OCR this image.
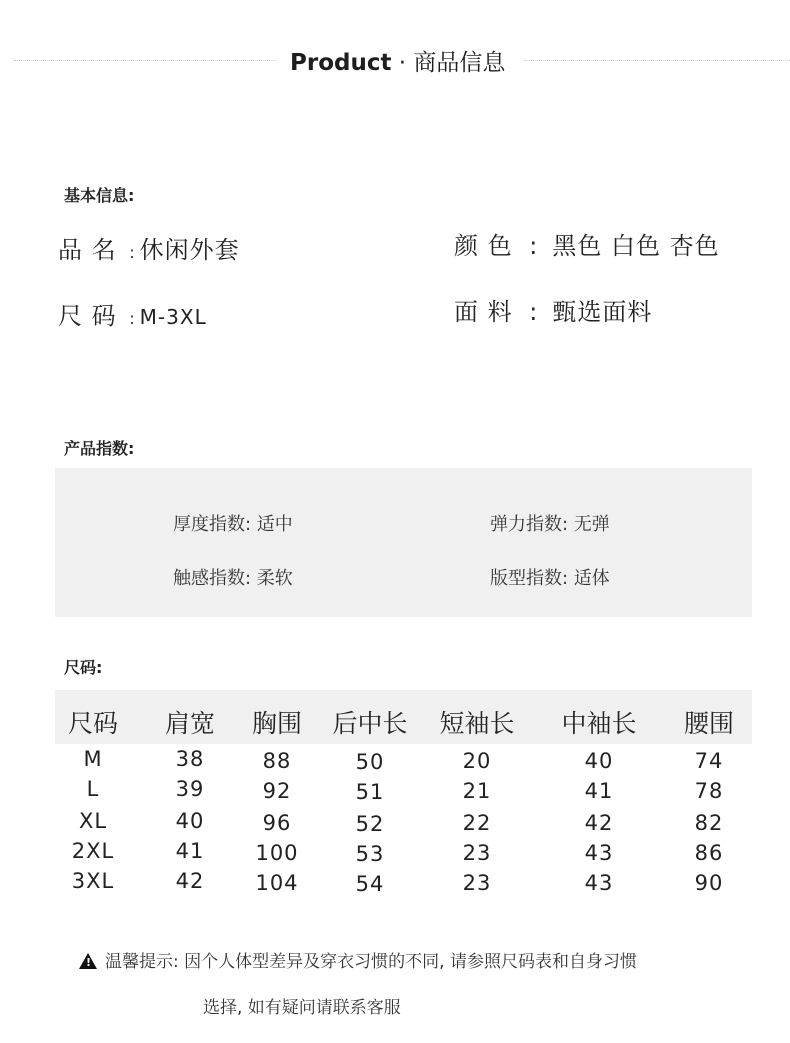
Product · 商品信息
基本信息:
品 名 : 休闲外套
尺 码 : M-3XL
颜 色 : 黑色 白色 杏色
面 料 : 甄选面料
产品指数:
厚度指数: 适中	弹力指数: 无弹
触感指数: 柔软	版型指数: 适体
尺码:
尺码 肩宽 胸围 后中长 短袖长 中袖长 腰围
M	38	88	50	20	40	74
L	39	92	51	21	41	78
XL	40	96	52	22	42	82
2XL	41 100	53	23	43	86
3XL	42 104	54	23	43	90
!温馨提示: 因个人体型差异及穿衣习惯的不同, 请参照尺码表和自身习惯
选择, 如有疑问请联系客服
